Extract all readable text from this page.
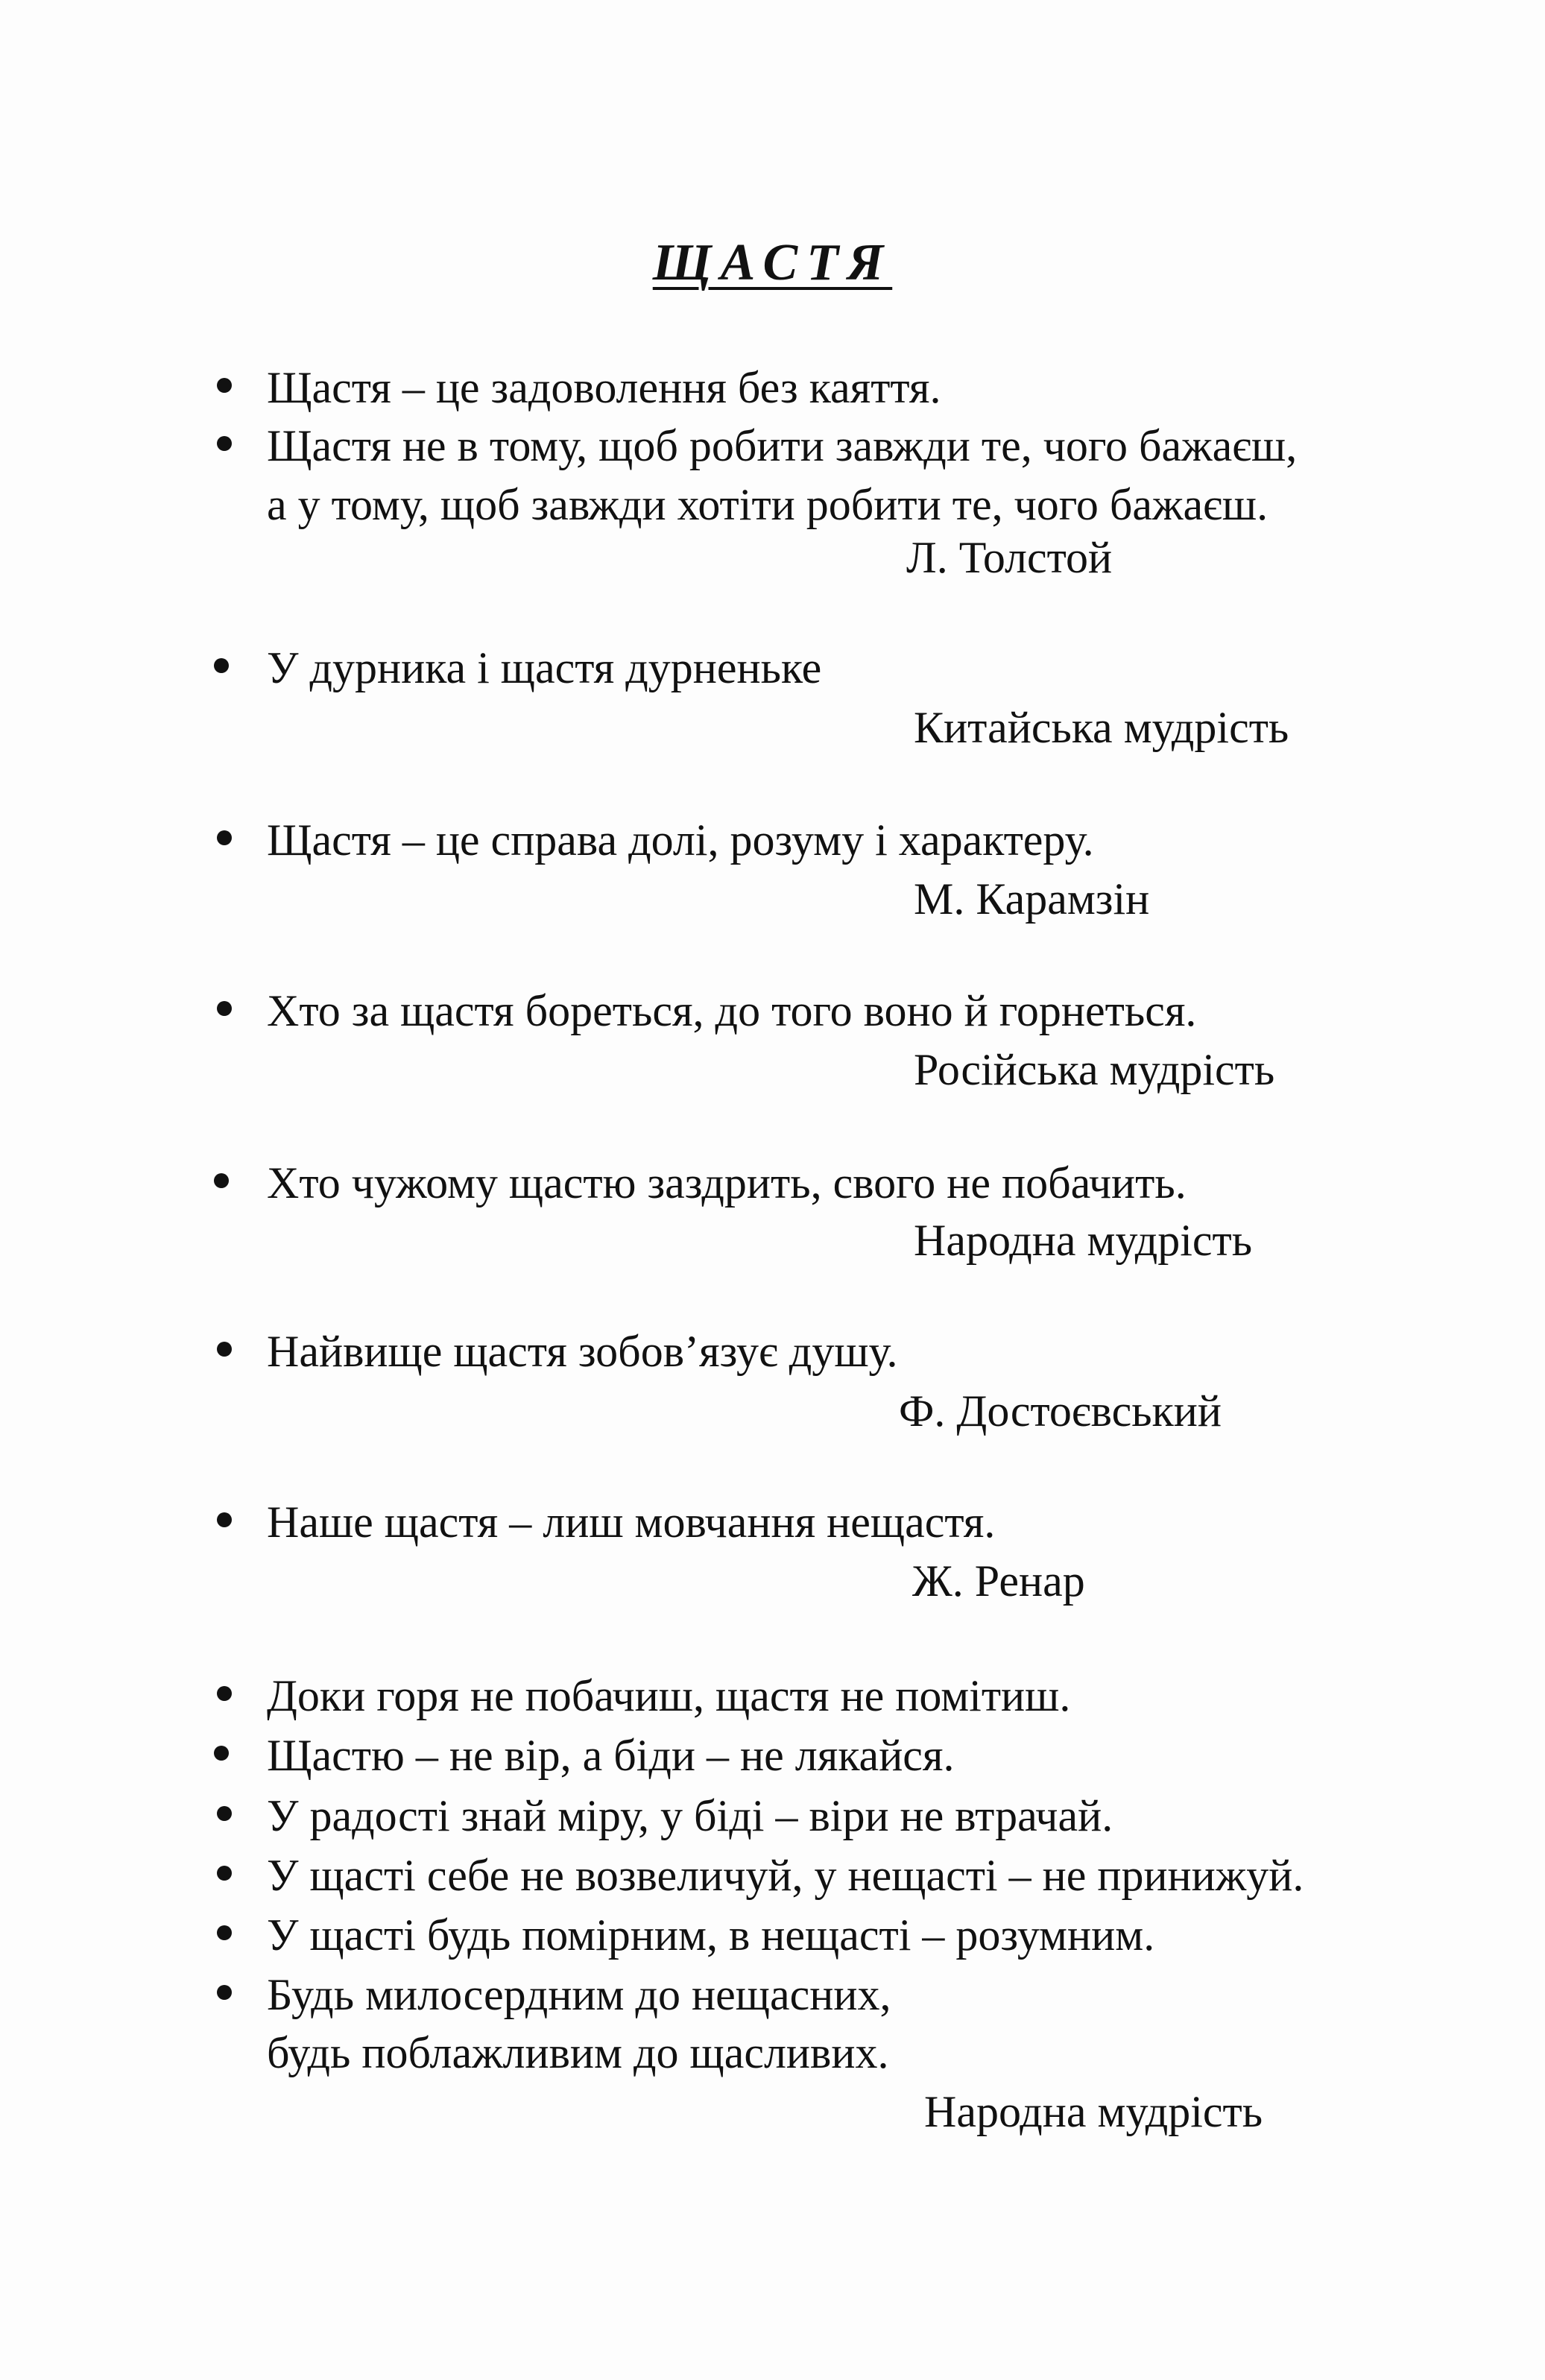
ЩАСТЯ
Щастя – це задоволення без каяття.
Щастя не в тому, щоб робити завжди те, чого бажаєш,
а у тому, щоб завжди хотіти робити те, чого бажаєш.
Л. Толстой
У дурника і щастя дурненьке
Китайська мудрість
Щастя – це справа долі, розуму і характеру.
М. Карамзін
Хто за щастя бореться, до того воно й горнеться.
Російська мудрість
Хто чужому щастю заздрить, свого не побачить.
Народна мудрість
Найвище щастя зобов’язує душу.
Ф. Достоєвський
Наше щастя – лиш мовчання нещастя.
Ж. Ренар
Доки горя не побачиш, щастя не помітиш.
Щастю – не вір, а біди – не лякайся.
У радості знай міру, у біді – віри не втрачай.
У щасті себе не возвеличуй, у нещасті – не принижуй.
У щасті будь помірним, в нещасті – розумним.
Будь милосердним до нещасних,
будь поблажливим до щасливих.
Народна мудрість
